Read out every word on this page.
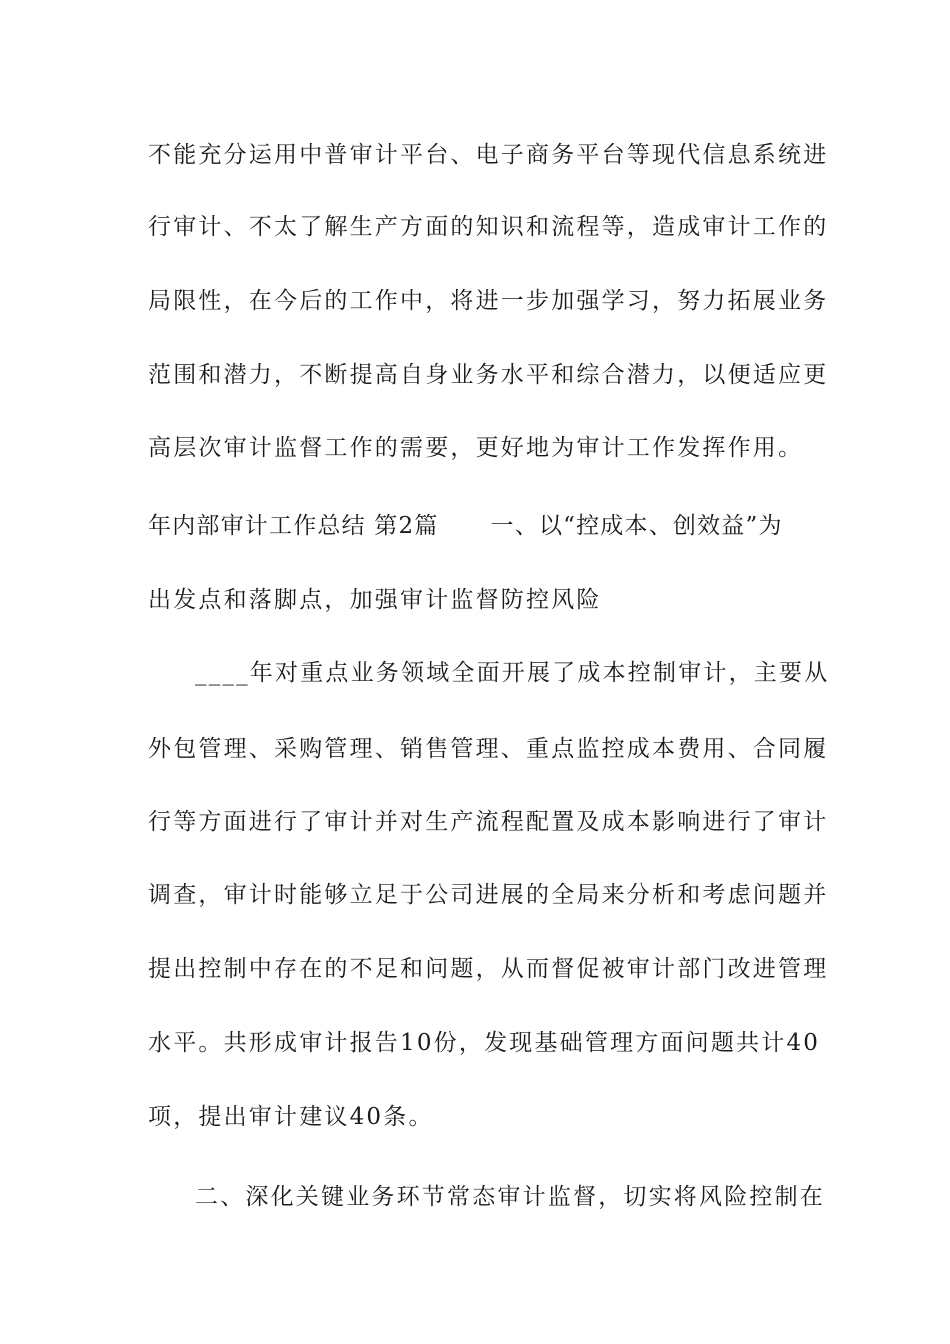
不能充分运用中普审计平台、电子商务平台等现代信息系统进
行审计、不太了解生产方面的知识和流程等，造成审计工作的
局限性，在今后的工作中，将进一步加强学习，努力拓展业务
范围和潜力，不断提高自身业务水平和综合潜力，以便适应更
高层次审计监督工作的需要，更好地为审计工作发挥作用。
年内部审计工作总结 第2篇 一、以“控成本、创效益”为
出发点和落脚点，加强审计监督防控风险
____年对重点业务领域全面开展了成本控制审计，主要从
外包管理、采购管理、销售管理、重点监控成本费用、合同履
行等方面进行了审计并对生产流程配置及成本影响进行了审计
调查，审计时能够立足于公司进展的全局来分析和考虑问题并
提出控制中存在的不足和问题，从而督促被审计部门改进管理
水平。共形成审计报告10份，发现基础管理方面问题共计40
项，提出审计建议40条。
二、深化关键业务环节常态审计监督，切实将风险控制在
